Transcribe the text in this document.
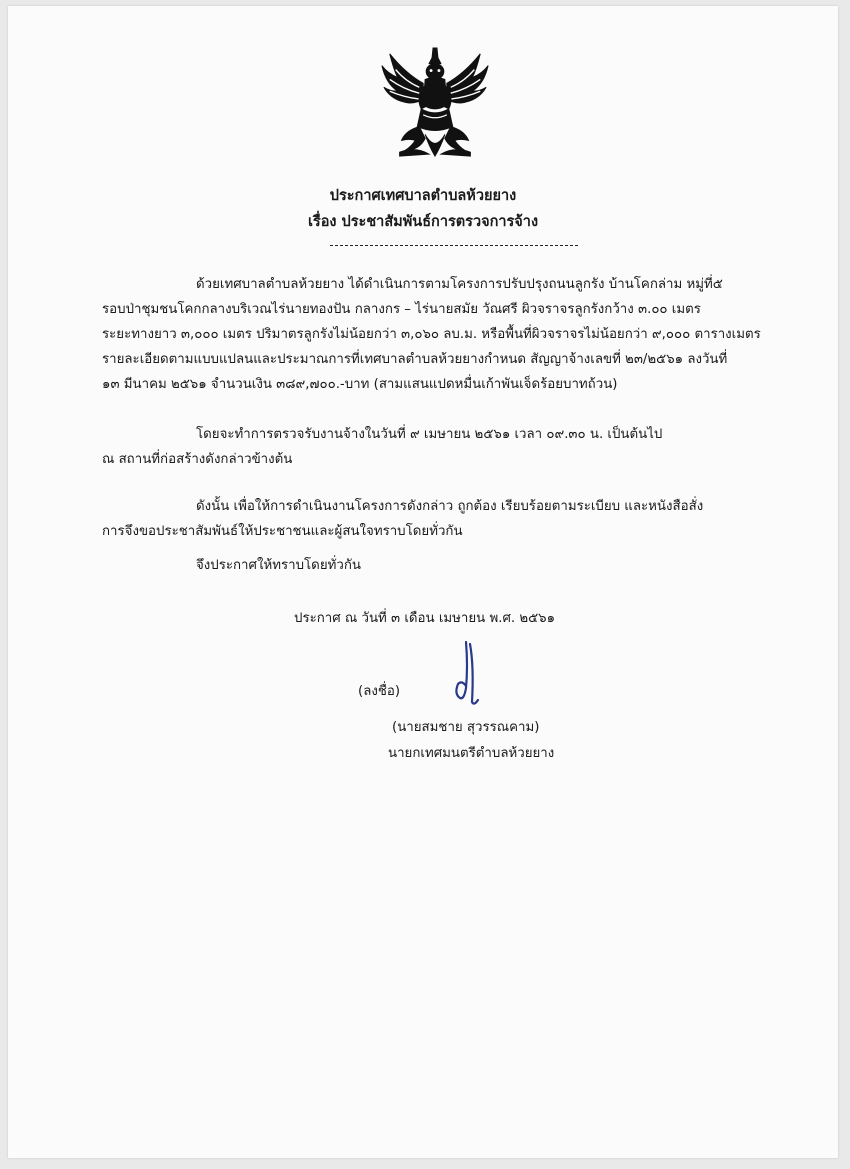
ประกาศเทศบาลตำบลห้วยยาง
เรื่อง ประชาสัมพันธ์การตรวจการจ้าง
ด้วยเทศบาลตำบลห้วยยาง ได้ดำเนินการตามโครงการปรับปรุงถนนลูกรัง บ้านโคกล่าม หมู่ที่๕
รอบป่าชุมชนโคกกลางบริเวณไร่นายทองปัน กลางกร – ไร่นายสมัย วัณศรี ผิวจราจรลูกรังกว้าง ๓.๐๐ เมตร
ระยะทางยาว ๓,๐๐๐ เมตร ปริมาตรลูกรังไม่น้อยกว่า ๓,๐๖๐ ลบ.ม. หรือพื้นที่ผิวจราจรไม่น้อยกว่า ๙,๐๐๐ ตารางเมตร
รายละเอียดตามแบบแปลนและประมาณการที่เทศบาลตำบลห้วยยางกำหนด สัญญาจ้างเลขที่ ๒๓/๒๕๖๑ ลงวันที่
๑๓ มีนาคม ๒๕๖๑ จำนวนเงิน ๓๘๙,๗๐๐.-บาท (สามแสนแปดหมื่นเก้าพันเจ็ดร้อยบาทถ้วน)
โดยจะทำการตรวจรับงานจ้างในวันที่ ๙ เมษายน ๒๕๖๑ เวลา ๐๙.๓๐ น. เป็นต้นไป
ณ สถานที่ก่อสร้างดังกล่าวข้างต้น
ดังนั้น เพื่อให้การดำเนินงานโครงการดังกล่าว ถูกต้อง เรียบร้อยตามระเบียบ และหนังสือสั่ง
การจึงขอประชาสัมพันธ์ให้ประชาชนและผู้สนใจทราบโดยทั่วกัน
จึงประกาศให้ทราบโดยทั่วกัน
ประกาศ ณ วันที่ ๓ เดือน เมษายน พ.ศ. ๒๕๖๑
(ลงชื่อ)
(นายสมชาย สุวรรณคาม)
นายกเทศมนตรีตำบลห้วยยาง
